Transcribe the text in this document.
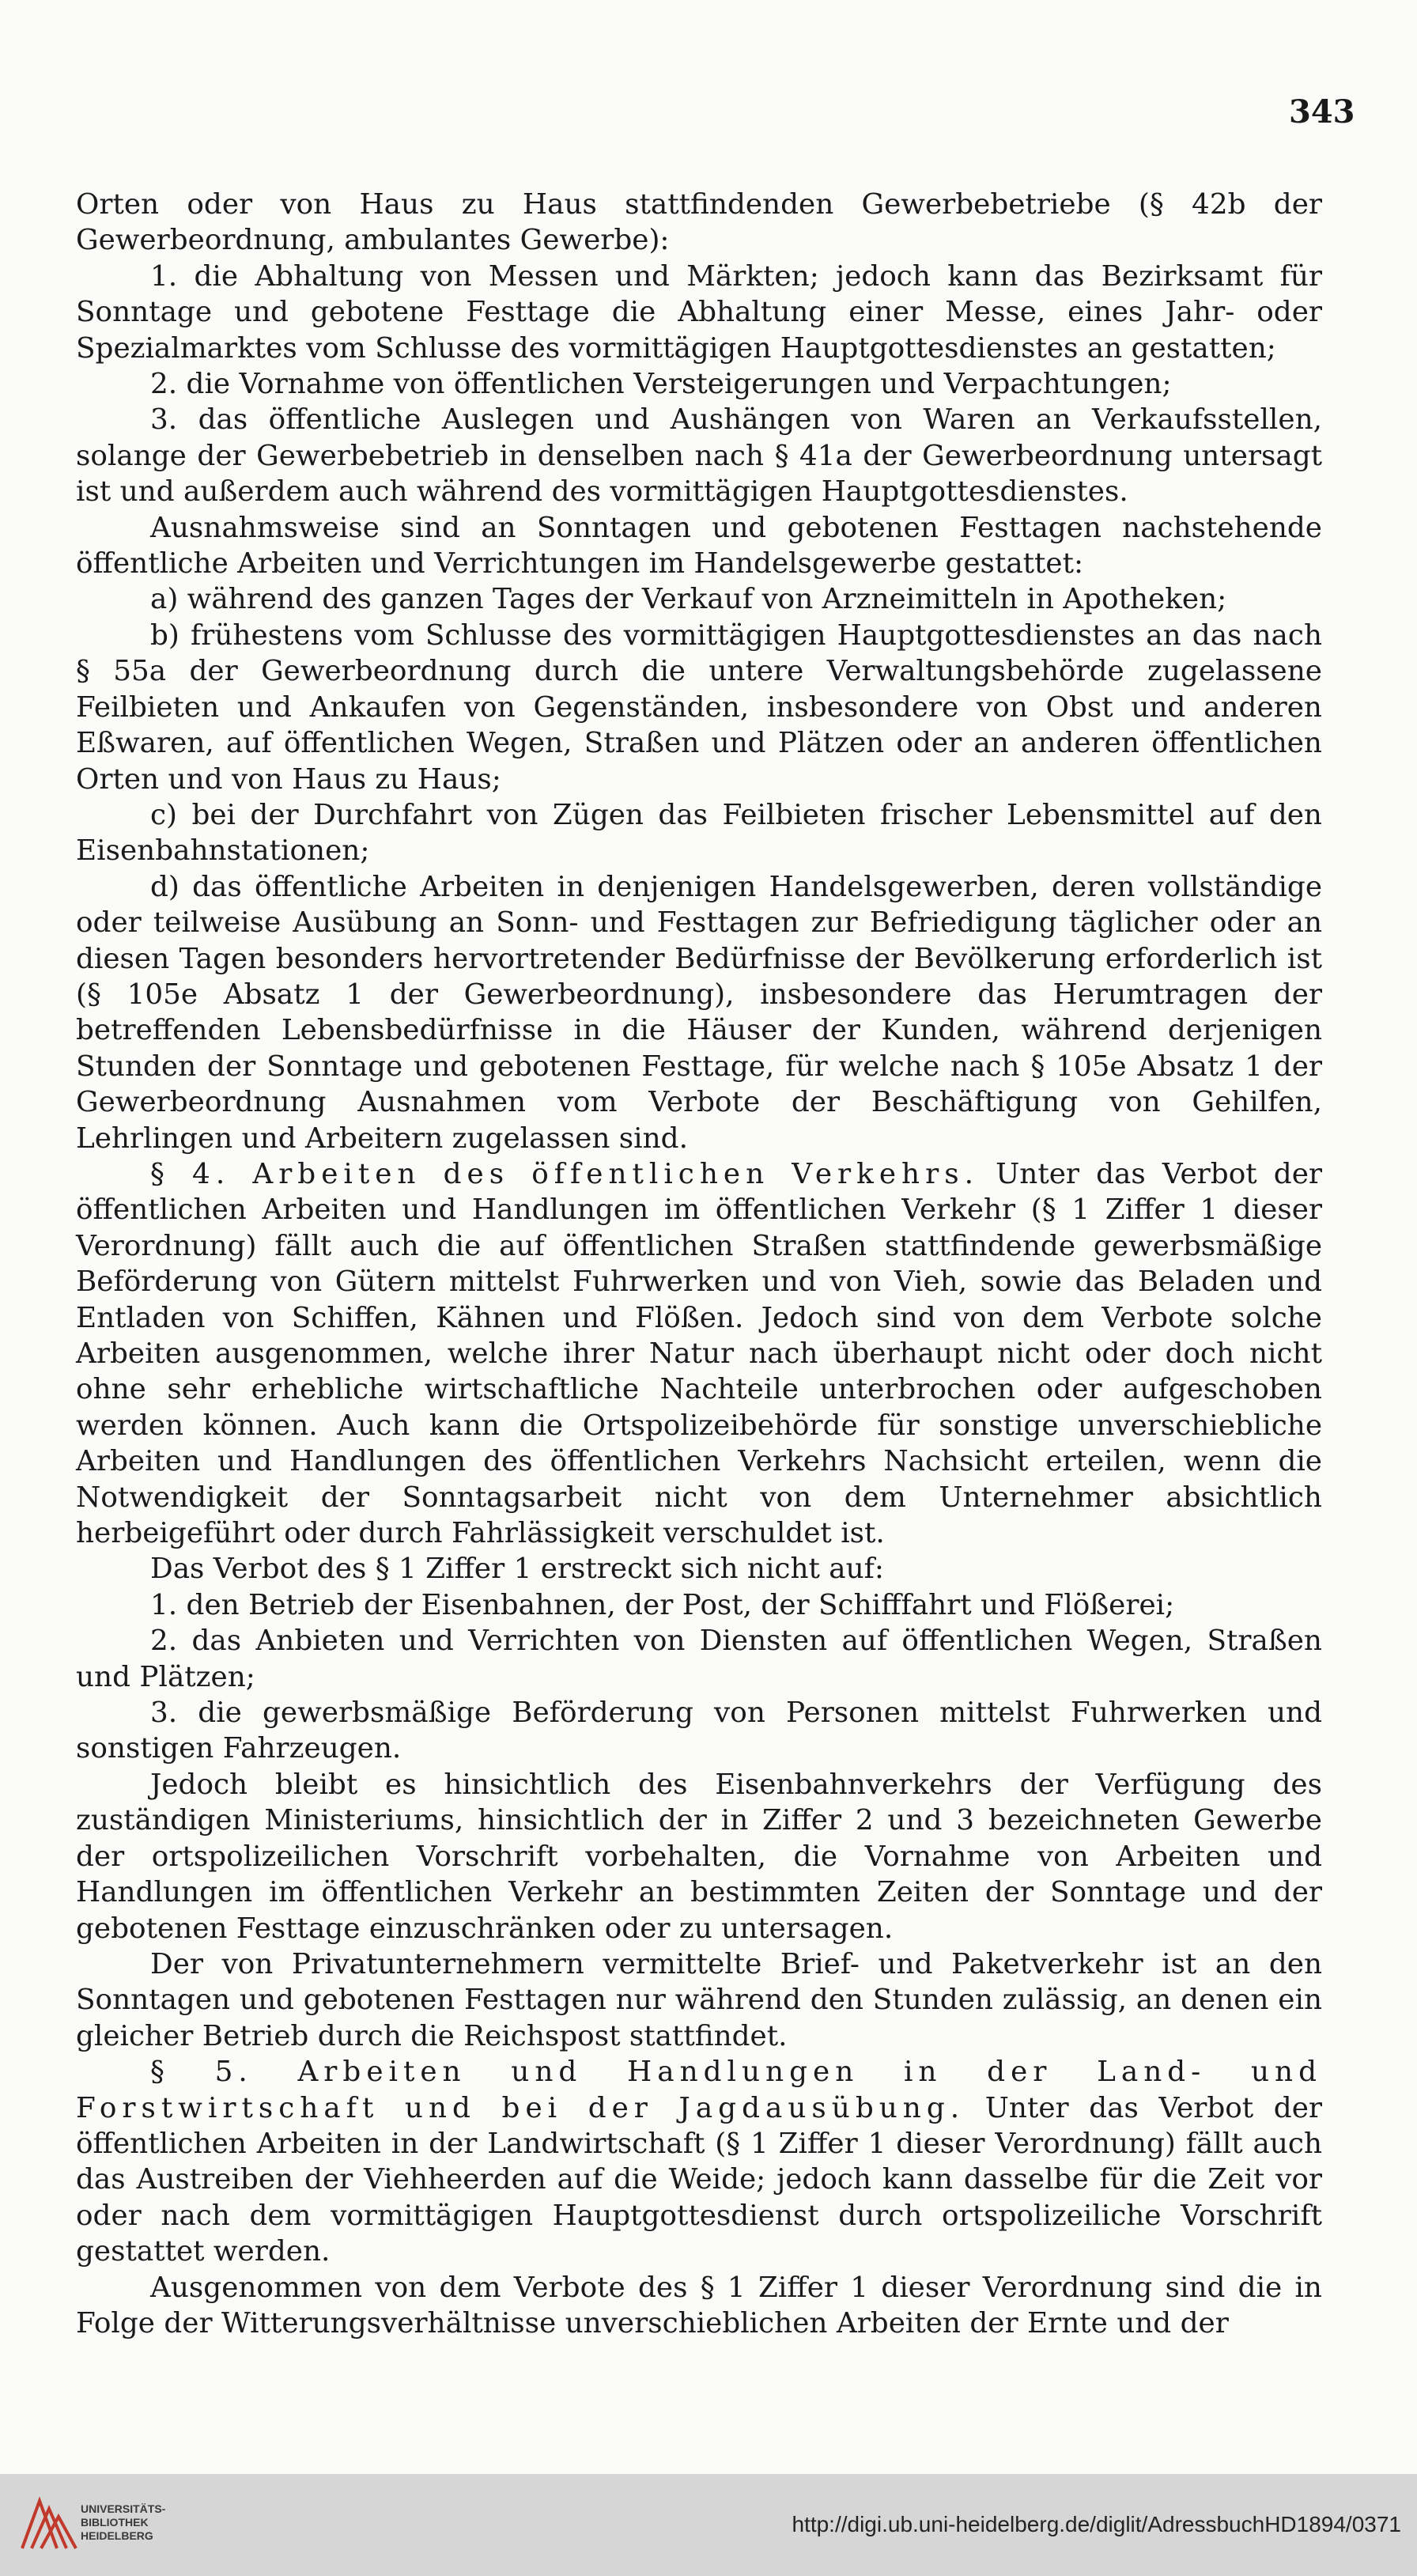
343

Orten oder von Haus zu Haus stattfindenden Gewerbebetriebe (§ 42b der Gewerbeordnung, ambulantes Gewerbe):

1. die Abhaltung von Messen und Märkten; jedoch kann das Bezirksamt für Sonntage und gebotene Festtage die Abhaltung einer Messe, eines Jahr- oder Spezialmarktes vom Schlusse des vormittägigen Hauptgottesdienstes an gestatten;

2. die Vornahme von öffentlichen Versteigerungen und Verpachtungen;

3. das öffentliche Auslegen und Aushängen von Waren an Verkaufsstellen, solange der Gewerbebetrieb in denselben nach § 41a der Gewerbeordnung untersagt ist und außerdem auch während des vormittägigen Hauptgottesdienstes.

Ausnahmsweise sind an Sonntagen und gebotenen Festtagen nachstehende öffentliche Arbeiten und Verrichtungen im Handelsgewerbe gestattet:

a) während des ganzen Tages der Verkauf von Arzneimitteln in Apotheken;

b) frühestens vom Schlusse des vormittägigen Hauptgottesdienstes an das nach § 55a der Gewerbeordnung durch die untere Verwaltungsbehörde zugelassene Feilbieten und Ankaufen von Gegenständen, insbesondere von Obst und anderen Eßwaren, auf öffentlichen Wegen, Straßen und Plätzen oder an anderen öffentlichen Orten und von Haus zu Haus;

c) bei der Durchfahrt von Zügen das Feilbieten frischer Lebensmittel auf den Eisenbahnstationen;

d) das öffentliche Arbeiten in denjenigen Handelsgewerben, deren vollständige oder teilweise Ausübung an Sonn- und Festtagen zur Befriedigung täglicher oder an diesen Tagen besonders hervortretender Bedürfnisse der Bevölkerung erforderlich ist (§ 105e Absatz 1 der Gewerbeordnung), insbesondere das Herumtragen der betreffenden Lebensbedürfnisse in die Häuser der Kunden, während derjenigen Stunden der Sonntage und gebotenen Festtage, für welche nach § 105e Absatz 1 der Gewerbeordnung Ausnahmen vom Verbote der Beschäftigung von Gehilfen, Lehrlingen und Arbeitern zugelassen sind.

§ 4. Arbeiten des öffentlichen Verkehrs. Unter das Verbot der öffentlichen Arbeiten und Handlungen im öffentlichen Verkehr (§ 1 Ziffer 1 dieser Verordnung) fällt auch die auf öffentlichen Straßen stattfindende gewerbsmäßige Beförderung von Gütern mittelst Fuhrwerken und von Vieh, sowie das Beladen und Entladen von Schiffen, Kähnen und Flößen. Jedoch sind von dem Verbote solche Arbeiten ausgenommen, welche ihrer Natur nach überhaupt nicht oder doch nicht ohne sehr erhebliche wirtschaftliche Nachteile unterbrochen oder aufgeschoben werden können. Auch kann die Ortspolizeibehörde für sonstige unverschiebliche Arbeiten und Handlungen des öffentlichen Verkehrs Nachsicht erteilen, wenn die Notwendigkeit der Sonntagsarbeit nicht von dem Unternehmer absichtlich herbeigeführt oder durch Fahrlässigkeit verschuldet ist.

Das Verbot des § 1 Ziffer 1 erstreckt sich nicht auf:

1. den Betrieb der Eisenbahnen, der Post, der Schifffahrt und Flößerei;

2. das Anbieten und Verrichten von Diensten auf öffentlichen Wegen, Straßen und Plätzen;

3. die gewerbsmäßige Beförderung von Personen mittelst Fuhrwerken und sonstigen Fahrzeugen.

Jedoch bleibt es hinsichtlich des Eisenbahnverkehrs der Verfügung des zuständigen Ministeriums, hinsichtlich der in Ziffer 2 und 3 bezeichneten Gewerbe der ortspolizeilichen Vorschrift vorbehalten, die Vornahme von Arbeiten und Handlungen im öffentlichen Verkehr an bestimmten Zeiten der Sonntage und der gebotenen Festtage einzuschränken oder zu untersagen.

Der von Privatunternehmern vermittelte Brief- und Paketverkehr ist an den Sonntagen und gebotenen Festtagen nur während den Stunden zulässig, an denen ein gleicher Betrieb durch die Reichspost stattfindet.

§ 5. Arbeiten und Handlungen in der Land- und Forstwirtschaft und bei der Jagdausübung. Unter das Verbot der öffentlichen Arbeiten in der Landwirtschaft (§ 1 Ziffer 1 dieser Verordnung) fällt auch das Austreiben der Viehheerden auf die Weide; jedoch kann dasselbe für die Zeit vor oder nach dem vormittägigen Hauptgottesdienst durch ortspolizeiliche Vorschrift gestattet werden.

Ausgenommen von dem Verbote des § 1 Ziffer 1 dieser Verordnung sind die in Folge der Witterungsverhältnisse unverschieblichen Arbeiten der Ernte und der

UNIVERSITÄTS-
BIBLIOTHEK
HEIDELBERG	http://digi.ub.uni-heidelberg.de/diglit/AdressbuchHD1894/0371
